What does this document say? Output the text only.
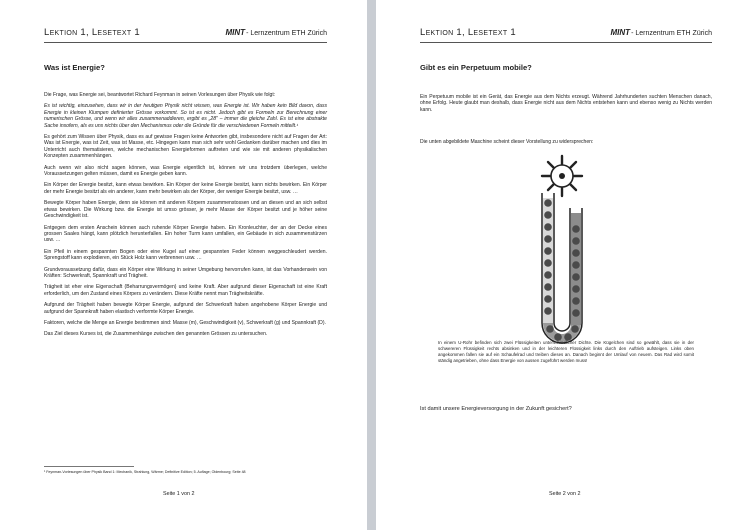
Lektion 1, Lesetext 1	MINT- Lernzentrum ETH Zürich
Was ist Energie?

Die Frage, was Energie sei, beantwortet Richard Feynman in seinen Vorlesungen über Physik wie folgt:

Es ist wichtig, einzusehen, dass wir in der heutigen Physik nicht wissen, was Energie ist. Wir haben kein Bild davon, dass Energie in kleinen Klumpen definierter Grösse vorkommt. So ist es nicht. Jedoch gibt es Formeln zur Berechnung einer numerischen Grösse, und wenn wir alles zusammenaddieren, ergibt es „28" – immer die gleiche Zahl. Es ist eine abstrakte Sache insofern, als es uns nichts über den Mechanismus oder die Gründe für die verschiedenen Formeln mitteilt.¹

Es gehört zum Wissen über Physik, dass es auf gewisse Fragen keine Antworten gibt, insbesondere nicht auf Fragen der Art: Was ist Energie, was ist Zeit, was ist Masse, etc. Hingegen kann man sich sehr wohl Gedanken darüber machen und dies im Unterricht auch thematisieren, welche mechanischen Energieformen auftreten und wie sie mit anderen physikalischen Konzepten zusammenhängen.

Auch wenn wir also nicht sagen können, was Energie eigentlich ist, können wir uns trotzdem überlegen, welche Voraussetzungen gelten müssen, damit es Energie geben kann.

Ein Körper der Energie besitzt, kann etwas bewirken. Ein Körper der keine Energie besitzt, kann nichts bewirken. Ein Körper der mehr Energie besitzt als ein anderer, kann mehr bewirken als der Körper, der weniger Energie besitzt, usw. …

Bewegte Körper haben Energie, denn sie können mit anderen Körpern zusammenstossen und an diesen und an sich selbst etwas bewirken. Die Wirkung bzw. die Energie ist umso grösser, je mehr Masse der Körper besitzt und je höher seine Geschwindigkeit ist.

Entgegen dem ersten Anschein können auch ruhende Körper Energie haben. Ein Kronleuchter, der an der Decke eines grossen Saales hängt, kann plötzlich herunterfallen. Ein hoher Turm kann umfallen, ein Gebäude in sich zusammenstürzen usw. …

Ein Pfeil in einem gespannten Bogen oder eine Kugel auf einer gespannten Feder können weggeschleudert werden. Sprengstoff kann explodieren, ein Stück Holz kann verbrennen usw. …

Grundvoraussetzung dafür, dass ein Körper eine Wirkung in seiner Umgebung hervorrufen kann, ist das Vorhandensein von Kräften: Schwerkraft, Spannkraft und Trägheit.

Trägheit ist eher eine Eigenschaft (Beharrungsvermögen) und keine Kraft. Aber aufgrund dieser Eigenschaft ist eine Kraft erforderlich, um den Zustand eines Körpers zu verändern. Diese Kräfte nennt man Trägheitskräfte.

Aufgrund der Trägheit haben bewegte Körper Energie, aufgrund der Schwerkraft haben angehobene Körper Energie und aufgrund der Spannkraft haben elastisch verformte Körper Energie.

Faktoren, welche die Menge an Energie bestimmen sind: Masse (m), Geschwindigkeit (v), Schwerkraft (g) und Spannkraft (D).

Das Ziel dieses Kurses ist, die Zusammenhänge zwischen den genannten Grössen zu untersuchen.

¹ Feynman-Vorlesungen über Physik Band 1: Mechanik, Strahlung, Wärme; Definitive Edition; 5. Auflage; Oldenbourg; Seite 48
Seite 1 von 2
Lektion 1, Lesetext 1	MINT- Lernzentrum ETH Zürich
Gibt es ein Perpetuum mobile?
Ein Perpetuum mobile ist ein Gerät, das Energie aus dem Nichts erzeugt. Während Jahrhunderten suchten Menschen danach, ohne Erfolg. Heute glaubt man deshalb, dass Energie nicht aus dem Nichts entstehen kann und ebenso wenig zu Nichts werden kann.
Die unten abgebildete Maschine scheint dieser Vorstellung zu widersprechen:
In einem U-Rohr befinden sich zwei Flüssigkeiten unterschiedlicher Dichte. Die Kügelchen sind so gewählt, dass sie in der schwereren Flüssigkeit rechts absinken und in der leichteren Flüssigkeit links durch den Auftrieb aufsteigen. Links oben angekommen fallen sie auf ein Schaufelrad und treiben dieses an. Danach beginnt der Umlauf von neuem. Das Rad wird somit ständig angetrieben, ohne dass Energie von aussen zugeführt werden muss!
Ist damit unsere Energieversorgung in der Zukunft gesichert?
Seite 2 von 2
